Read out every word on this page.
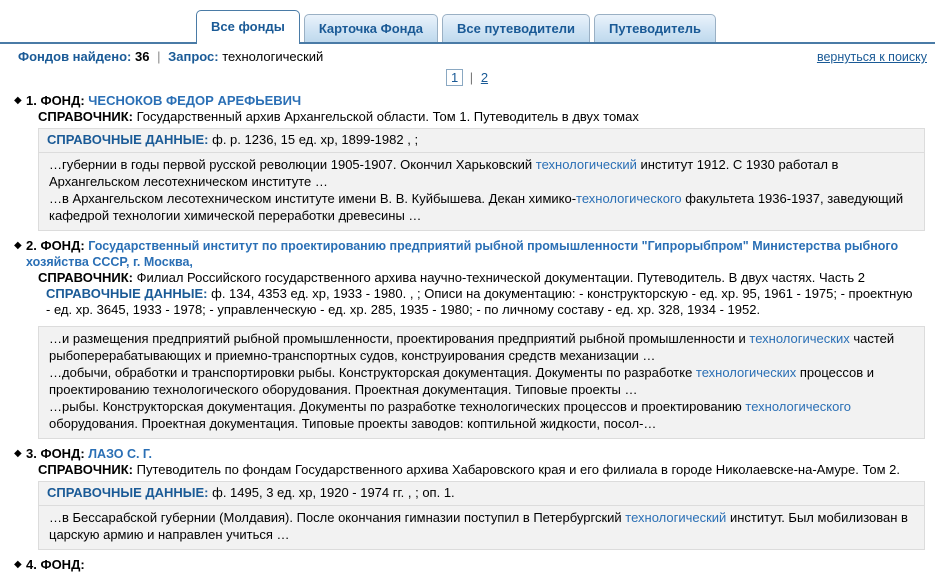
Все фонды	Карточка Фонда	Все путеводители	Путеводитель
Фондов найдено: 36 | Запрос: технологический	вернуться к поиску
1 | 2
◆ 1. ФОНД: ЧЕСНОКОВ ФЕДОР АРЕФЬЕВИЧ
СПРАВОЧНИК: Государственный архив Архангельской области. Том 1. Путеводитель в двух томах
СПРАВОЧНЫЕ ДАННЫЕ: ф. р. 1236, 15 ед. хр, 1899-1982 , ;

…губернии в годы первой русской революции 1905-1907. Окончил Харьковский технологический институт 1912. С 1930 работал в Архангельском лесотехническом институте …

…в Архангельском лесотехническом институте имени В. В. Куйбышева. Декан химико-технологического факультета 1936-1937, заведующий кафедрой технологии химической переработки древесины …

◆ 2. ФОНД: Государственный институт по проектированию предприятий рыбной промышленности "Гипрорыбпром" Министерства рыбного хозяйства СССР, г. Москва,
СПРАВОЧНИК: Филиал Российского государственного архива научно-технической документации. Путеводитель. В двух частях. Часть 2
СПРАВОЧНЫЕ ДАННЫЕ: ф. 134, 4353 ед. хр, 1933 - 1980. , ; Описи на документацию: - конструкторскую - ед. хр. 95, 1961 - 1975; - проектную - ед. хр. 3645, 1933 - 1978; - управленческую - ед. хр. 285, 1935 - 1980; - по личному составу - ед. хр. 328, 1934 - 1952.

…и размещения предприятий рыбной промышленности, проектирования предприятий рыбной промышленности и технологических частей рыбоперерабатывающих и приемно-транспортных судов, конструирования средств механизации …

…добычи, обработки и транспортировки рыбы. Конструкторская документация. Документы по разработке технологических процессов и проектированию технологического оборудования. Проектная документация. Типовые проекты …

…рыбы. Конструкторская документация. Документы по разработке технологических процессов и проектированию технологического оборудования. Проектная документация. Типовые проекты заводов: коптильной жидкости, посол-…

◆ 3. ФОНД: ЛАЗО С. Г.
СПРАВОЧНИК: Путеводитель по фондам Государственного архива Хабаровского края и его филиала в городе Николаевске-на-Амуре. Том 2.
СПРАВОЧНЫЕ ДАННЫЕ: ф. 1495, 3 ед. хр, 1920 - 1974 гг. , ; оп. 1.

…в Бессарабской губернии (Молдавия). После окончания гимназии поступил в Петербургский технологический институт. Был мобилизован в царскую армию и направлен учиться …

◆ 4. ФОНД:
